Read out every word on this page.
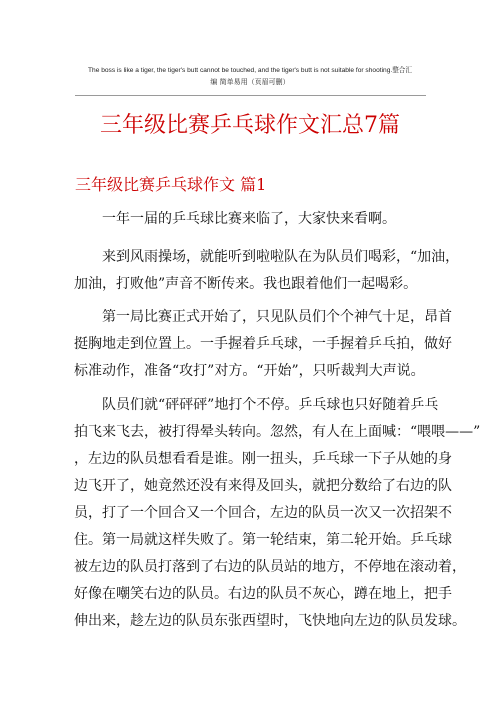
The boss is like a tiger, the tiger's butt cannot be touched, and the tiger's butt is not suitable for shooting.整合汇
编 简单易用（页眉可删）
三年级比赛乒乓球作文汇总7篇
三年级比赛乒乓球作文 篇1
一年一届的乒乓球比赛来临了，大家快来看啊。
来到风雨操场，就能听到啦啦队在为队员们喝彩，“加油，
加油，打败他”声音不断传来。我也跟着他们一起喝彩。
第一局比赛正式开始了，只见队员们个个神气十足，昂首
挺胸地走到位置上。一手握着乒乓球，一手握着乒乓拍，做好
标准动作，准备“攻打”对方。“开始”，只听裁判大声说。
队员们就“砰砰砰”地打个不停。乒乓球也只好随着乒乓
拍飞来飞去，被打得晕头转向。忽然，有人在上面喊：“喂喂——”
，左边的队员想看看是谁。刚一扭头，乒乓球一下子从她的身
边飞开了，她竟然还没有来得及回头，就把分数给了右边的队
员，打了一个回合又一个回合，左边的队员一次又一次招架不
住。第一局就这样失败了。第一轮结束，第二轮开始。乒乓球
被左边的队员打落到了右边的队员站的地方，不停地在滚动着，
好像在嘲笑右边的队员。右边的队员不灰心，蹲在地上，把手
伸出来，趁左边的队员东张西望时，飞快地向左边的队员发球。
